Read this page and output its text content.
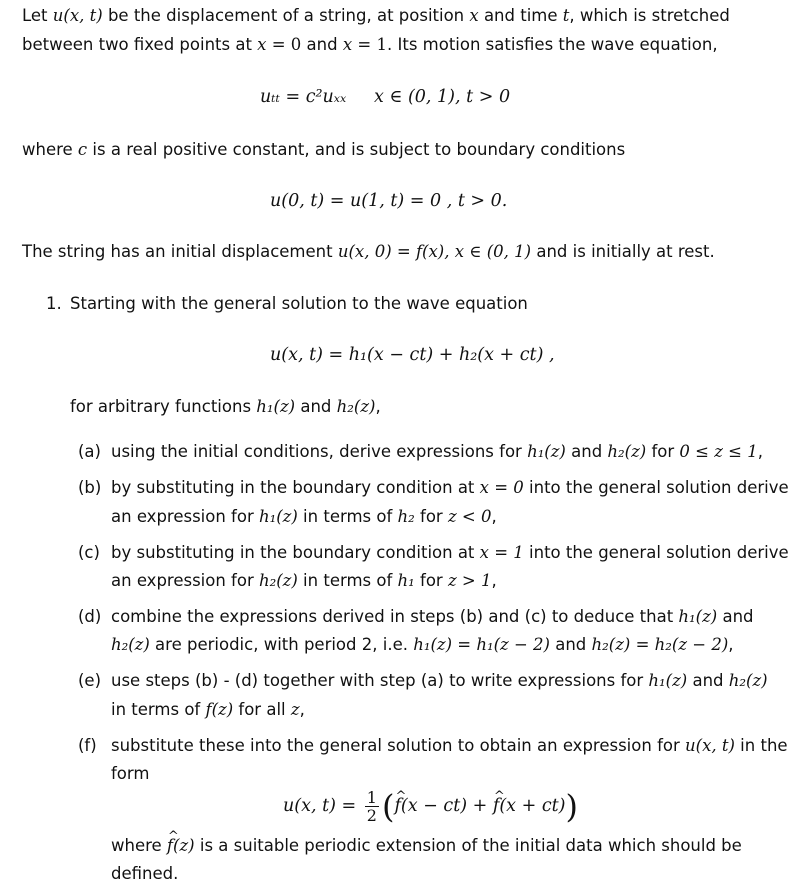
Let u(x, t) be the displacement of a string, at position x and time t, which is stretched
between two fixed points at x = 0 and x = 1. Its motion satisfies the wave equation,
uₜₜ = c²uₓₓ     x ∈ (0, 1), t > 0
where c is a real positive constant, and is subject to boundary conditions
u(0, t) = u(1, t) = 0 , t > 0.
The string has an initial displacement u(x, 0) = f(x), x ∈ (0, 1) and is initially at rest.
1. Starting with the general solution to the wave equation
u(x, t) = h₁(x − ct) + h₂(x + ct) ,
for arbitrary functions h₁(z) and h₂(z),
(a) using the initial conditions, derive expressions for h₁(z) and h₂(z) for 0 ≤ z ≤ 1,
(b) by substituting in the boundary condition at x = 0 into the general solution derive
an expression for h₁(z) in terms of h₂ for z < 0,
(c) by substituting in the boundary condition at x = 1 into the general solution derive
an expression for h₂(z) in terms of h₁ for z > 1,
(d) combine the expressions derived in steps (b) and (c) to deduce that h₁(z) and
h₂(z) are periodic, with period 2, i.e. h₁(z) = h₁(z − 2) and h₂(z) = h₂(z − 2),
(e) use steps (b) - (d) together with step (a) to write expressions for h₁(z) and h₂(z)
in terms of f(z) for all z,
(f) substitute these into the general solution to obtain an expression for u(x, t) in the
form
u(x, $t) = \frac{1}{2}$ (^ f(x − ct) + ^ f(x + ct))
where ^ f(z) is a suitable periodic extension of the initial data which should be
defined.
